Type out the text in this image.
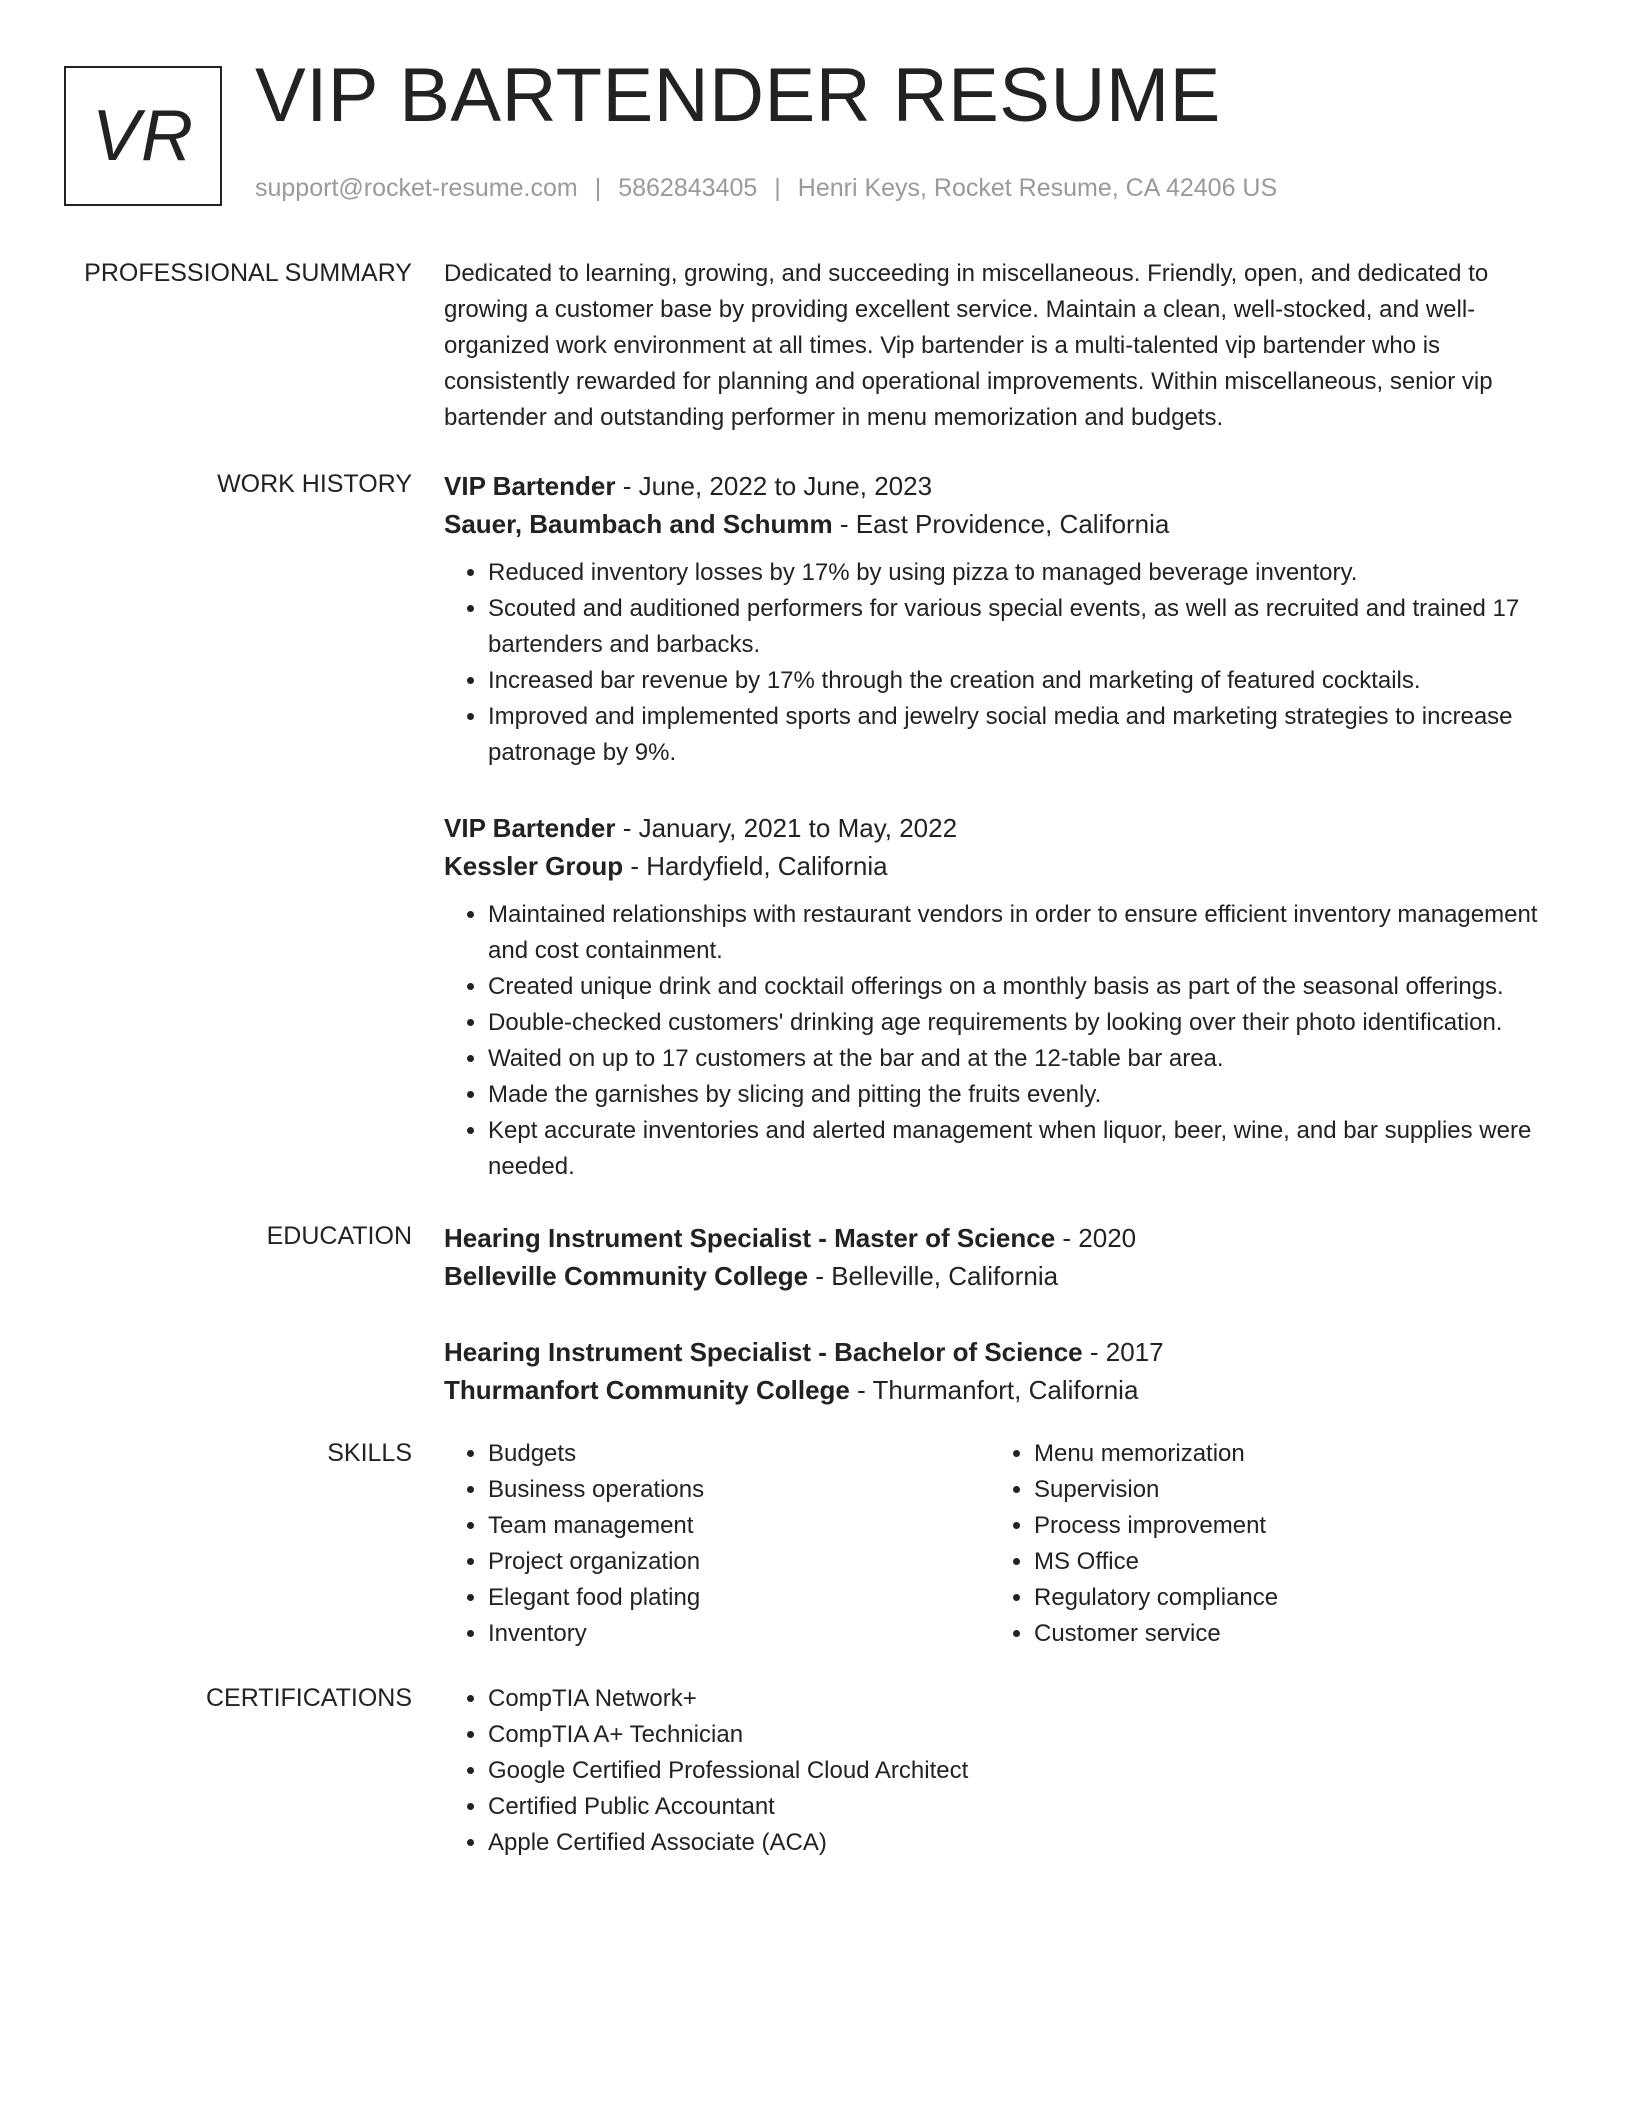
VR VIP BARTENDER RESUME
support@rocket-resume.com | 5862843405 | Henri Keys, Rocket Resume, CA 42406 US
PROFESSIONAL SUMMARY Dedicated to learning, growing, and succeeding in miscellaneous. Friendly, open, and dedicated to growing a customer base by providing excellent service. Maintain a clean, well-stocked, and well-organized work environment at all times. Vip bartender is a multi-talented vip bartender who is consistently rewarded for planning and operational improvements. Within miscellaneous, senior vip bartender and outstanding performer in menu memorization and budgets.

WORK HISTORY VIP Bartender - June, 2022 to June, 2023
Sauer, Baumbach and Schumm - East Providence, California
• Reduced inventory losses by 17% by using pizza to managed beverage inventory.
• Scouted and auditioned performers for various special events, as well as recruited and trained 17 bartenders and barbacks.
• Increased bar revenue by 17% through the creation and marketing of featured cocktails.
• Improved and implemented sports and jewelry social media and marketing strategies to increase patronage by 9%.
VIP Bartender - January, 2021 to May, 2022
Kessler Group - Hardyfield, California
• Maintained relationships with restaurant vendors in order to ensure efficient inventory management and cost containment.
• Created unique drink and cocktail offerings on a monthly basis as part of the seasonal offerings.
• Double-checked customers' drinking age requirements by looking over their photo identification.
• Waited on up to 17 customers at the bar and at the 12-table bar area.
• Made the garnishes by slicing and pitting the fruits evenly.
• Kept accurate inventories and alerted management when liquor, beer, wine, and bar supplies were needed.
EDUCATION Hearing Instrument Specialist - Master of Science - 2020
Belleville Community College - Belleville, California
Hearing Instrument Specialist - Bachelor of Science - 2017
Thurmanfort Community College - Thurmanfort, California
SKILLS	• Budgets
• Business operations
• Team management
• Project organization
• Elegant food plating
• Inventory
• Menu memorization
• Supervision
• Process improvement
• MS Office
• Regulatory compliance
• Customer service
CERTIFICATIONS	• CompTIA Network+
• CompTIA A+ Technician
• Google Certified Professional Cloud Architect
• Certified Public Accountant
• Apple Certified Associate (ACA)
